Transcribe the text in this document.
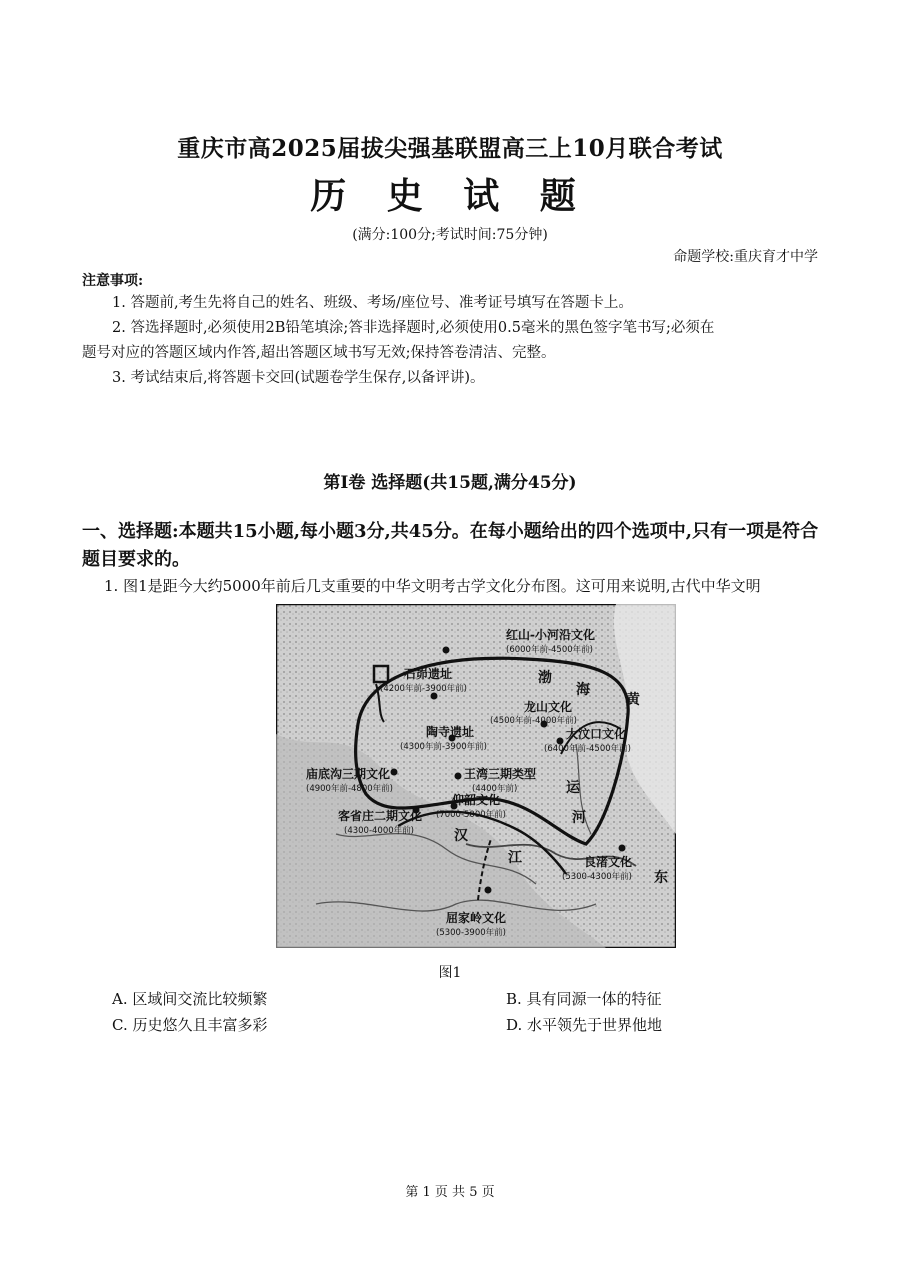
重庆市高2025届拔尖强基联盟高三上10月联合考试
历 史 试 题
(满分:100分;考试时间:75分钟)
命题学校:重庆育才中学
注意事项:
1. 答题前,考生先将自己的姓名、班级、考场/座位号、准考证号填写在答题卡上。
2. 答选择题时,必须使用2B铅笔填涂;答非选择题时,必须使用0.5毫米的黑色签字笔书写;必须在
题号对应的答题区域内作答,超出答题区域书写无效;保持答卷清洁、完整。
3. 考试结束后,将答题卡交回(试题卷学生保存,以备评讲)。
第Ⅰ卷 选择题(共15题,满分45分)
一、选择题:本题共15小题,每小题3分,共45分。在每小题给出的四个选项中,只有一项是符合题目要求的。
1. 图1是距今大约5000年前后几支重要的中华文明考古学文化分布图。这可用来说明,古代中华文明
红山-小河沿文化
(6000年前-4500年前)
石峁遗址
(4200年前-3900年前)
龙山文化
(4500年前-4000年前)
陶寺遗址
(4300年前-3900年前)
大汶口文化
(6400年前-4500年前)
庙底沟三期文化
(4900年前-4800年前)
王湾三期类型
(4400年前)
仰韶文化
(7000-5000年前)
客省庄二期文化
(4300-4000年前)
良渚文化
(5300-4300年前)
屈家岭文化
(5300-3900年前)
渤
海
黄
运
河
汉
江
东
图1
A. 区域间交流比较频繁	B. 具有同源一体的特征
C. 历史悠久且丰富多彩	D. 水平领先于世界他地
第 1 页 共 5 页
